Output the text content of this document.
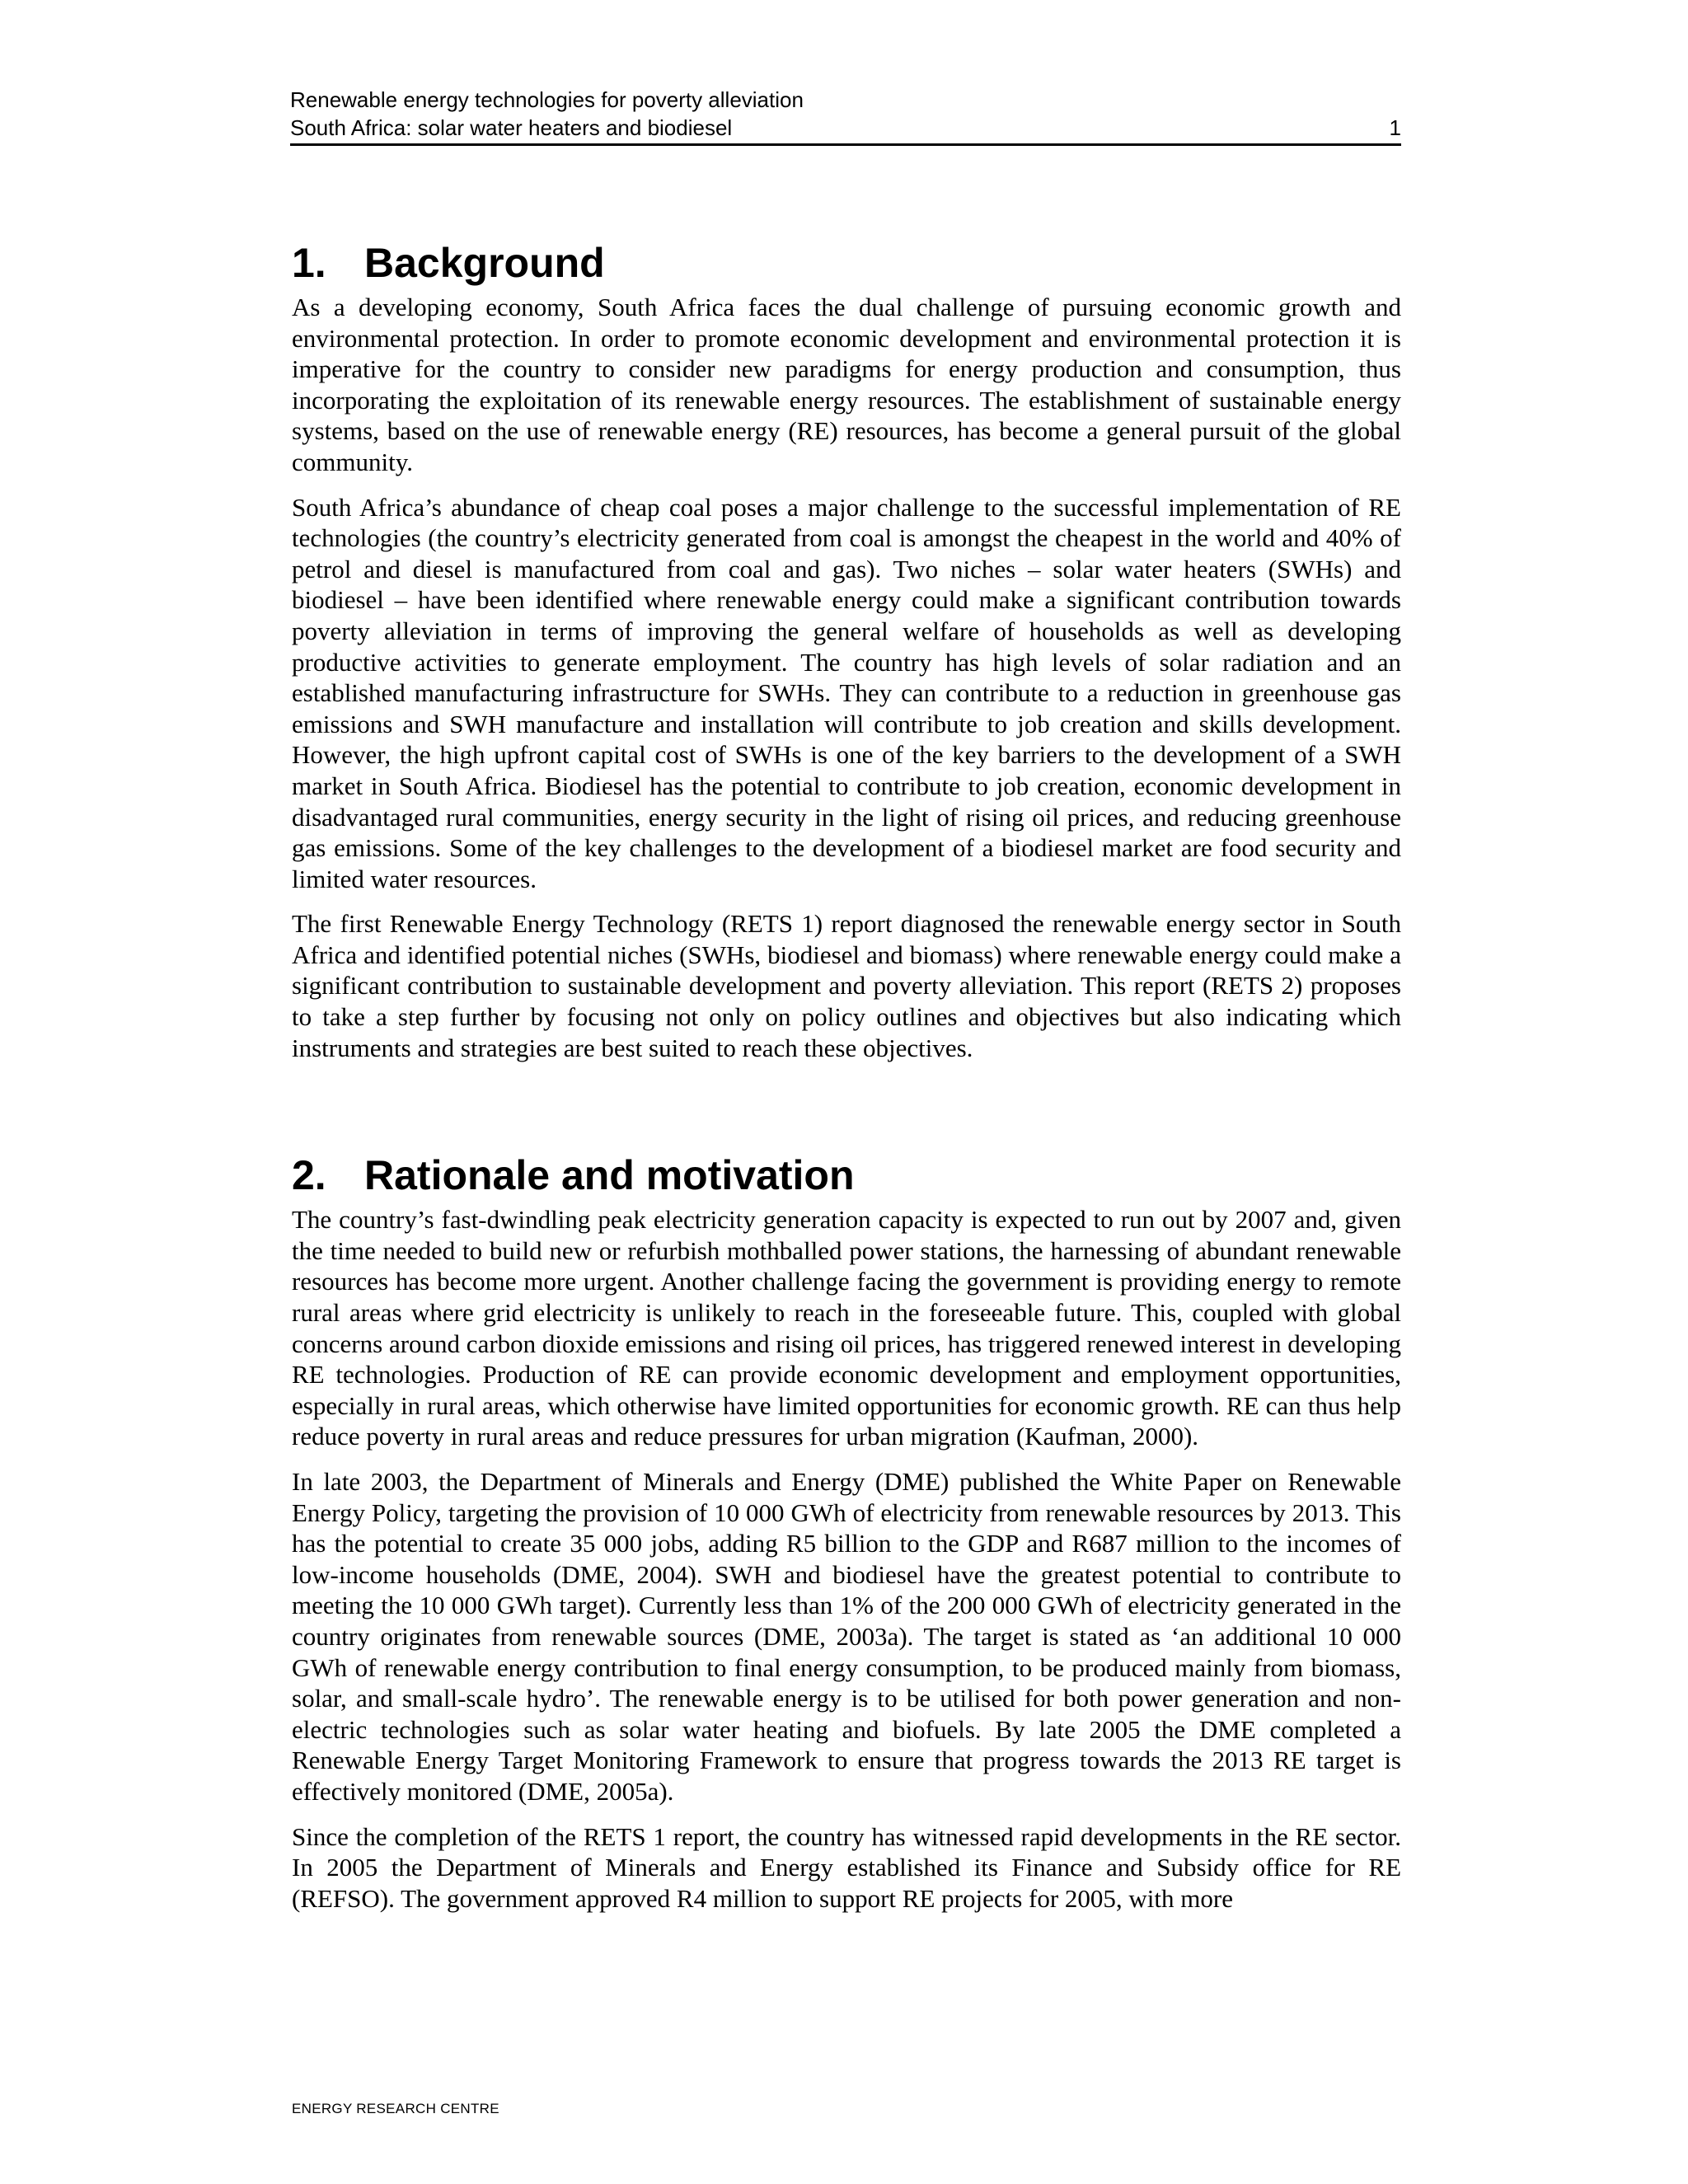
Renewable energy technologies for poverty alleviation
South Africa: solar water heaters and biodiesel	1
1. Background

As a developing economy, South Africa faces the dual challenge of pursuing economic growth and environmental protection. In order to promote economic development and environmental protection it is imperative for the country to consider new paradigms for energy production and consumption, thus incorporating the exploitation of its renewable energy resources. The establishment of sustainable energy systems, based on the use of renewable energy (RE) resources, has become a general pursuit of the global community.

South Africa’s abundance of cheap coal poses a major challenge to the successful implementation of RE technologies (the country’s electricity generated from coal is amongst the cheapest in the world and 40% of petrol and diesel is manufactured from coal and gas). Two niches – solar water heaters (SWHs) and biodiesel – have been identified where renewable energy could make a significant contribution towards poverty alleviation in terms of improving the general welfare of households as well as developing productive activities to generate employment. The country has high levels of solar radiation and an established manufacturing infrastructure for SWHs. They can contribute to a reduction in greenhouse gas emissions and SWH manufacture and installation will contribute to job creation and skills development. However, the high upfront capital cost of SWHs is one of the key barriers to the development of a SWH market in South Africa. Biodiesel has the potential to contribute to job creation, economic development in disadvantaged rural communities, energy security in the light of rising oil prices, and reducing greenhouse gas emissions. Some of the key challenges to the development of a biodiesel market are food security and limited water resources.

The first Renewable Energy Technology (RETS 1) report diagnosed the renewable energy sector in South Africa and identified potential niches (SWHs, biodiesel and biomass) where renewable energy could make a significant contribution to sustainable development and poverty alleviation. This report (RETS 2) proposes to take a step further by focusing not only on policy outlines and objectives but also indicating which instruments and strategies are best suited to reach these objectives.

2. Rationale and motivation

The country’s fast-dwindling peak electricity generation capacity is expected to run out by 2007 and, given the time needed to build new or refurbish mothballed power stations, the harnessing of abundant renewable resources has become more urgent. Another challenge facing the government is providing energy to remote rural areas where grid electricity is unlikely to reach in the foreseeable future. This, coupled with global concerns around carbon dioxide emissions and rising oil prices, has triggered renewed interest in developing RE technologies. Production of RE can provide economic development and employment opportunities, especially in rural areas, which otherwise have limited opportunities for economic growth. RE can thus help reduce poverty in rural areas and reduce pressures for urban migration (Kaufman, 2000).

In late 2003, the Department of Minerals and Energy (DME) published the White Paper on Renewable Energy Policy, targeting the provision of 10 000 GWh of electricity from renewable resources by 2013. This has the potential to create 35 000 jobs, adding R5 billion to the GDP and R687 million to the incomes of low-income households (DME, 2004). SWH and biodiesel have the greatest potential to contribute to meeting the 10 000 GWh target). Currently less than 1% of the 200 000 GWh of electricity generated in the country originates from renewable sources (DME, 2003a). The target is stated as ‘an additional 10 000 GWh of renewable energy contribution to final energy consumption, to be produced mainly from biomass, solar, and small-scale hydro’. The renewable energy is to be utilised for both power generation and non-electric technologies such as solar water heating and biofuels. By late 2005 the DME completed a Renewable Energy Target Monitoring Framework to ensure that progress towards the 2013 RE target is effectively monitored (DME, 2005a).

Since the completion of the RETS 1 report, the country has witnessed rapid developments in the RE sector. In 2005 the Department of Minerals and Energy established its Finance and Subsidy office for RE (REFSO). The government approved R4 million to support RE projects for 2005, with more

ENERGY RESEARCH CENTRE
